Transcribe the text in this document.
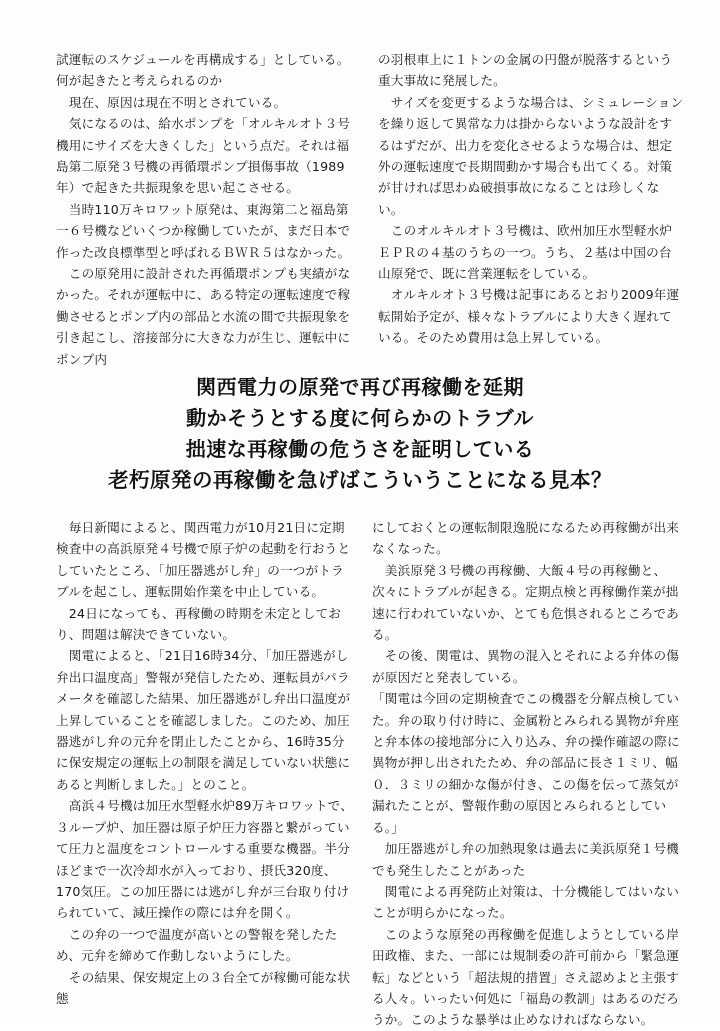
試運転のスケジュールを再構成する」としている。

何が起きたと考えられるのか

　現在、原因は現在不明とされている。

　気になるのは、給水ポンプを「オルキルオト３号機用にサイズを大きくした」という点だ。それは福島第二原発３号機の再循環ポンプ損傷事故（1989年）で起きた共振現象を思い起こさせる。

　当時110万キロワット原発は、東海第二と福島第一６号機などいくつか稼働していたが、まだ日本で作った改良標準型と呼ばれるＢＷＲ５はなかった。

　この原発用に設計された再循環ポンプも実績がなかった。それが運転中に、ある特定の運転速度で稼働させるとポンプ内の部品と水流の間で共振現象を引き起こし、溶接部分に大きな力が生じ、運転中にポンプ内

の羽根車上に１トンの金属の円盤が脱落するという重大事故に発展した。

　サイズを変更するような場合は、シミュレーションを繰り返して異常な力は掛からないような設計をするはずだが、出力を変化させるような場合は、想定外の運転速度で長期間動かす場合も出てくる。対策が甘ければ思わぬ破損事故になることは珍しくない。

　このオルキルオト３号機は、欧州加圧水型軽水炉ＥＰＲの４基のうちの一つ。うち、２基は中国の台山原発で、既に営業運転をしている。

　オルキルオト３号機は記事にあるとおり2009年運転開始予定が、様々なトラブルにより大きく遅れている。そのため費用は急上昇している。

関西電力の原発で再び再稼働を延期
動かそうとする度に何らかのトラブル
拙速な再稼働の危うさを証明している
老朽原発の再稼働を急げばこういうことになる見本？

　毎日新聞によると、関西電力が10月21日に定期検査中の高浜原発４号機で原子炉の起動を行おうとしていたところ、「加圧器逃がし弁」の一つがトラブルを起こし、運転開始作業を中止している。

　24日になっても、再稼働の時期を未定としており、問題は解決できていない。

　関電によると、「21日16時34分、「加圧器逃がし弁出口温度高」警報が発信したため、運転員がパラメータを確認した結果、加圧器逃がし弁出口温度が上昇していることを確認しました。このため、加圧器逃がし弁の元弁を閉止したことから、16時35分に保安規定の運転上の制限を満足していない状態にあると判断しました。」とのこと。

　高浜４号機は加圧水型軽水炉89万キロワットで、３ループ炉、加圧器は原子炉圧力容器と繋がっていて圧力と温度をコントロールする重要な機器。半分ほどまで一次冷却水が入っており、摂氏320度、170気圧。この加圧器には逃がし弁が三台取り付けられていて、減圧操作の際には弁を開く。

　この弁の一つで温度が高いとの警報を発したため、元弁を締めて作動しないようにした。

　その結果、保安規定上の３台全てが稼働可能な状態

にしておくとの運転制限逸脱になるため再稼働が出来なくなった。

　美浜原発３号機の再稼働、大飯４号の再稼働と、次々にトラブルが起きる。定期点検と再稼働作業が拙速に行われていないか、とても危惧されるところである。

　その後、関電は、異物の混入とそれによる弁体の傷が原因だと発表している。

「関電は今回の定期検査でこの機器を分解点検していた。弁の取り付け時に、金属粉とみられる異物が弁座と弁本体の接地部分に入り込み、弁の操作確認の際に異物が押し出されたため、弁の部品に長さ１ミリ、幅０．３ミリの細かな傷が付き、この傷を伝って蒸気が漏れたことが、警報作動の原因とみられるとしている。」

　加圧器逃がし弁の加熱現象は過去に美浜原発１号機でも発生したことがあった

　関電による再発防止対策は、十分機能してはいないことが明らかになった。

　このような原発の再稼働を促進しようとしている岸田政権、また、一部には規制委の許可前から「緊急運転」などという「超法規的措置」さえ認めよと主張する人々。いったい何処に「福島の教訓」はあるのだろうか。このような暴挙は止めなければならない。
